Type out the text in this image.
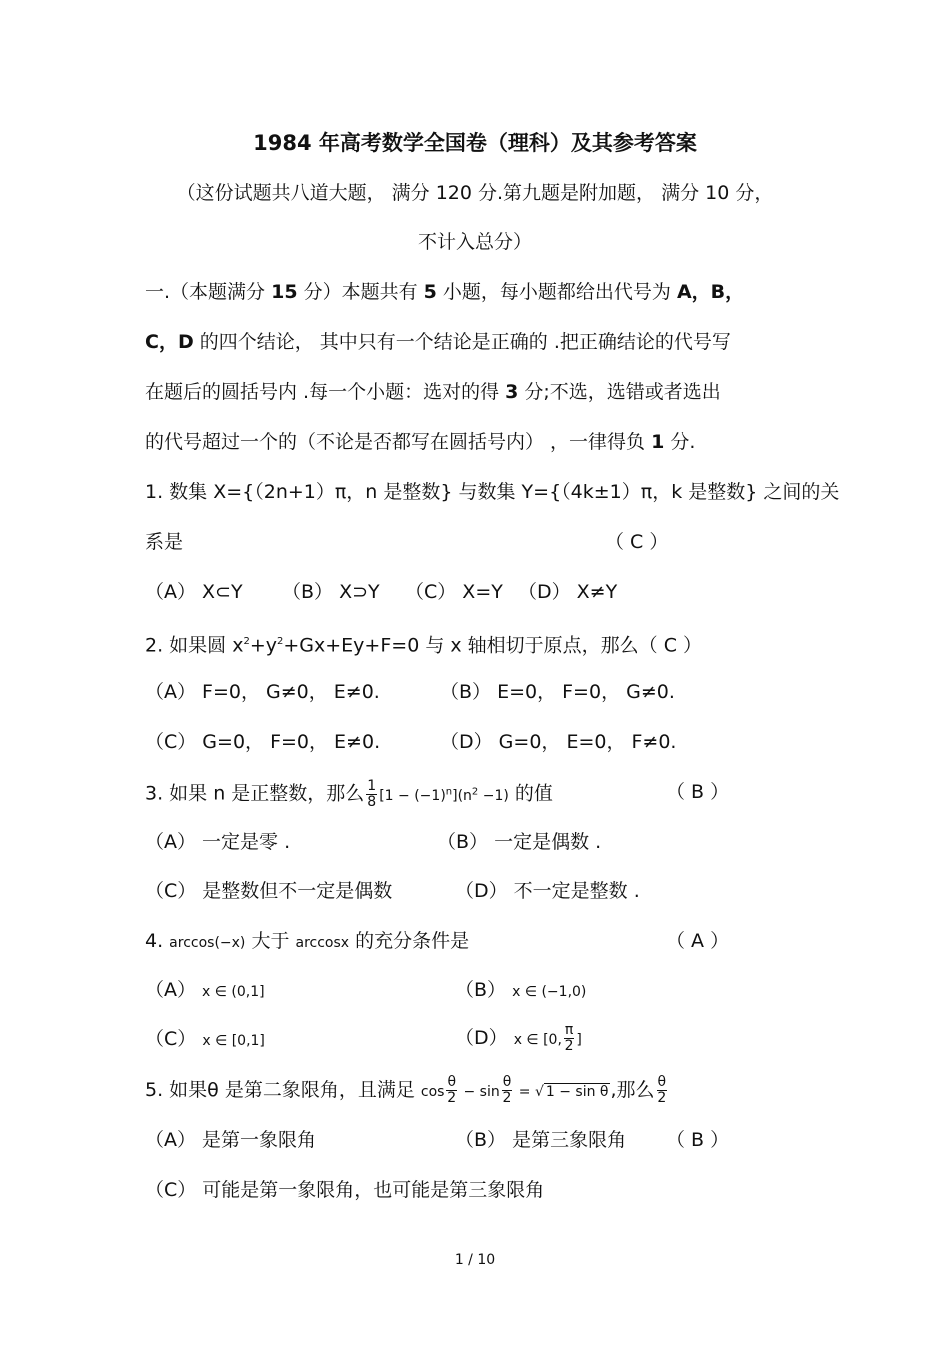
1984 年高考数学全国卷（理科）及其参考答案
（这份试题共八道大题， 满分 120 分.第九题是附加题， 满分 10 分，
不计入总分）
一.（本题满分 15 分）本题共有 5 小题，每小题都给出代号为 A，B，
C，D 的四个结论， 其中只有一个结论是正确的 .把正确结论的代号写
在题后的圆括号内 .每一个小题：选对的得 3 分;不选，选错或者选出
的代号超过一个的（不论是否都写在圆括号内） ，一律得负 1 分.
1. 数集 X={（2n+1）π，n 是整数} 与数集 Y={（4k±1）π，k 是整数} 之间的关
系是	（ C ）
（A） X⊂Y （B） X⊃Y （C） X=Y （D） X≠Y
2. 如果圆 $x^2+y^2+Gx+Ey+F=0$ 与 x 轴相切于原点，那么（ C ）
（A） F=0， G≠0， E≠0.	（B） E=0， F=0， G≠0.
（C） G=0， F=0， E≠0.	（D） G=0， E=0， F≠0.
3. 如果 n 是正整数，那么 $\frac{1}{8} [1 - (-1)^n](n^2 -1)$ 的值	（ B ）
（A） 一定是零 .	（B） 一定是偶数 .
（C） 是整数但不一定是偶数	（D） 不一定是整数 .
4. arccos(−x) 大于 arccosx 的充分条件是	（ A ）
（A） x ∈ (0,1]	（B） x ∈ (−1,0)
（C） x ∈ [0,1]	（D） x ∈ [0, $\frac{\pi}{2}$ ]
5. 如果θ 是第二象限角，且满足 $\cos \frac{\theta}{2} - \sin \frac{\theta}{2}$ = √ 1 − sin θ ,那么 $\frac{\theta}{2}$
（A） 是第一象限角	（B） 是第三象限角 （ B ）
（C） 可能是第一象限角，也可能是第三象限角
1 / 10
